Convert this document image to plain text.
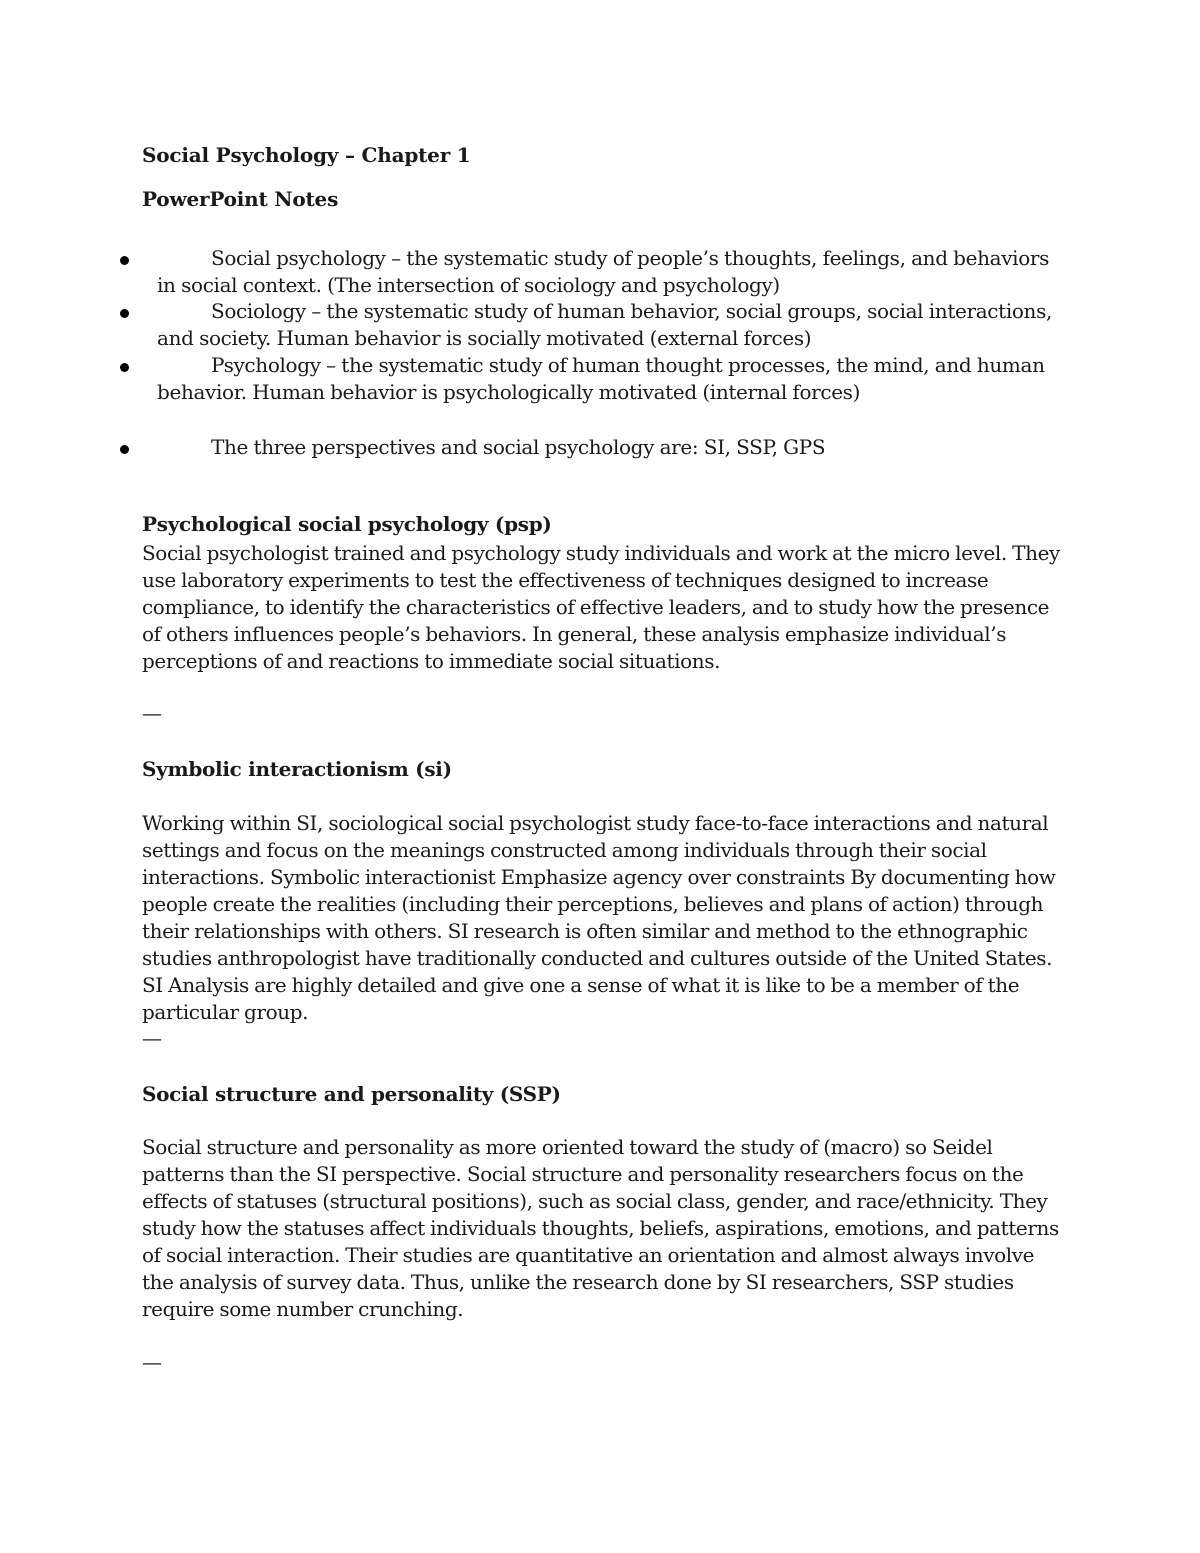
Social Psychology – Chapter 1
PowerPoint Notes
Social psychology – the systematic study of people’s thoughts, feelings, and behaviors in social context. (The intersection of sociology and psychology)
Sociology – the systematic study of human behavior, social groups, social interactions, and society. Human behavior is socially motivated (external forces)
Psychology – the systematic study of human thought processes, the mind, and human behavior. Human behavior is psychologically motivated (internal forces)
The three perspectives and social psychology are: SI, SSP, GPS
Psychological social psychology (psp)
Social psychologist trained and psychology study individuals and work at the micro level. They use laboratory experiments to test the effectiveness of techniques designed to increase compliance, to identify the characteristics of effective leaders, and to study how the presence of others influences people’s behaviors. In general, these analysis emphasize individual’s perceptions of and reactions to immediate social situations.
—
Symbolic interactionism (si)
Working within SI, sociological social psychologist study face-to-face interactions and natural settings and focus on the meanings constructed among individuals through their social interactions. Symbolic interactionist Emphasize agency over constraints By documenting how people create the realities (including their perceptions, believes and plans of action) through their relationships with others. SI research is often similar and method to the ethnographic studies anthropologist have traditionally conducted and cultures outside of the United States. SI Analysis are highly detailed and give one a sense of what it is like to be a member of the particular group.
—
Social structure and personality (SSP)
Social structure and personality as more oriented toward the study of (macro) so Seidel patterns than the SI perspective. Social structure and personality researchers focus on the effects of statuses (structural positions), such as social class, gender, and race/ethnicity. They study how the statuses affect individuals thoughts, beliefs, aspirations, emotions, and patterns of social interaction. Their studies are quantitative an orientation and almost always involve the analysis of survey data. Thus, unlike the research done by SI researchers, SSP studies require some number crunching.
—
